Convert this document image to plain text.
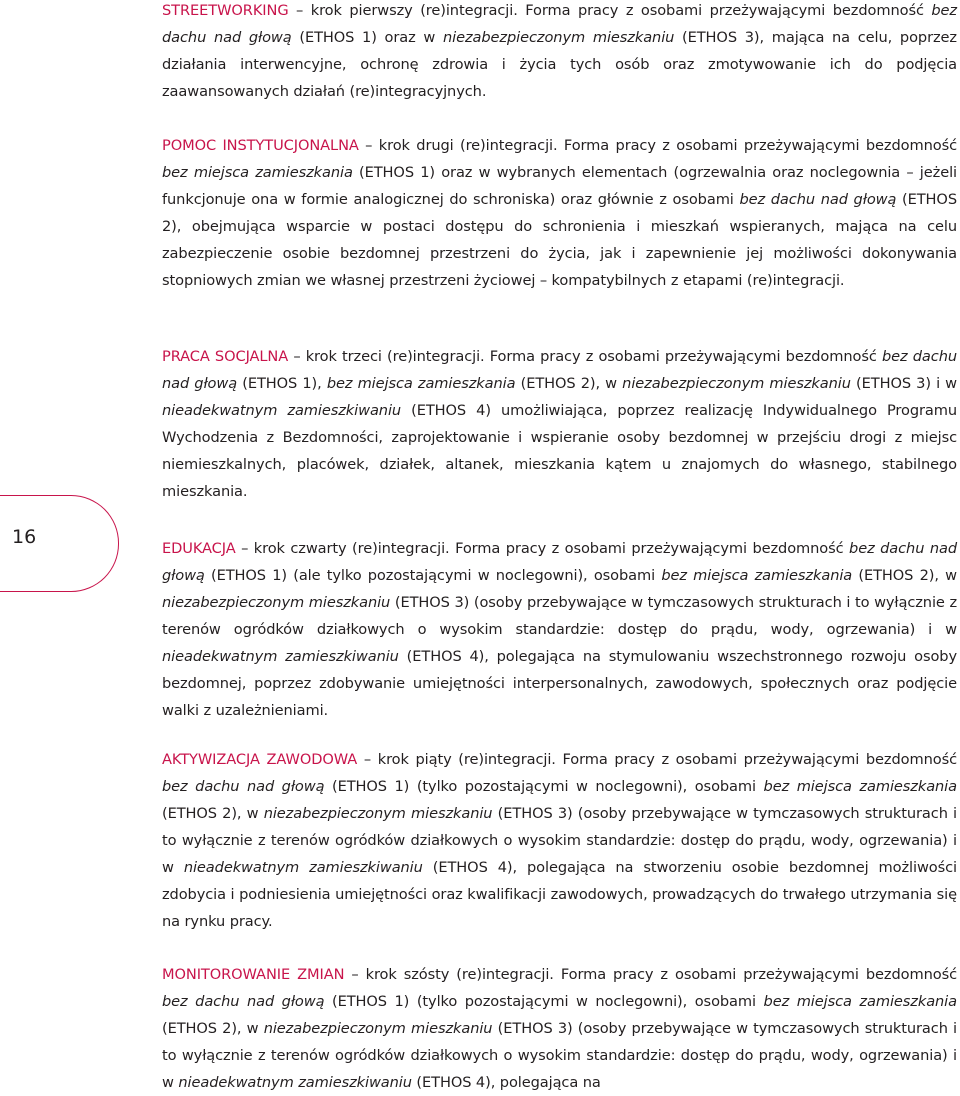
STREETWORKING – krok pierwszy (re)integracji. Forma pracy z osobami przeżywającymi bezdomność bez dachu nad głową (ETHOS 1) oraz w niezabezpieczonym mieszkaniu (ETHOS 3), mająca na celu, poprzez działania interwencyjne, ochronę zdrowia i życia tych osób oraz zmotywowanie ich do podjęcia zaawansowanych działań (re)integracyjnych.
POMOC INSTYTUCJONALNA – krok drugi (re)integracji. Forma pracy z osobami przeżywającymi bezdomność bez miejsca zamieszkania (ETHOS 1) oraz w wybranych elementach (ogrzewalnia oraz noclegownia – jeżeli funkcjonuje ona w formie analogicznej do schroniska) oraz głównie z osobami bez dachu nad głową (ETHOS 2), obejmująca wsparcie w postaci dostępu do schronienia i mieszkań wspieranych, mająca na celu zabezpieczenie osobie bezdomnej przestrzeni do życia, jak i zapewnienie jej możliwości dokonywania stopniowych zmian we własnej przestrzeni życiowej – kompatybilnych z etapami (re)integracji.
PRACA SOCJALNA – krok trzeci (re)integracji. Forma pracy z osobami przeżywającymi bezdomność bez dachu nad głową (ETHOS 1), bez miejsca zamieszkania (ETHOS 2), w niezabezpieczonym mieszkaniu (ETHOS 3) i w nieadekwatnym zamieszkiwaniu (ETHOS 4) umożliwiająca, poprzez realizację Indywidualnego Programu Wychodzenia z Bezdomności, zaprojektowanie i wspieranie osoby bezdomnej w przejściu drogi z miejsc niemieszkalnych, placówek, działek, altanek, mieszkania kątem u znajomych do własnego, stabilnego mieszkania.
EDUKACJA – krok czwarty (re)integracji. Forma pracy z osobami przeżywającymi bezdomność bez dachu nad głową (ETHOS 1) (ale tylko pozostającymi w noclegowni), osobami bez miejsca zamieszkania (ETHOS 2), w niezabezpieczonym mieszkaniu (ETHOS 3) (osoby przebywające w tymczasowych strukturach i to wyłącznie z terenów ogródków działkowych o wysokim standardzie: dostęp do prądu, wody, ogrzewania) i w nieadekwatnym zamieszkiwaniu (ETHOS 4), polegająca na stymulowaniu wszechstronnego rozwoju osoby bezdomnej, poprzez zdobywanie umiejętności interpersonalnych, zawodowych, społecznych oraz podjęcie walki z uzależnieniami.
AKTYWIZACJA ZAWODOWA – krok piąty (re)integracji. Forma pracy z osobami przeżywającymi bezdomność bez dachu nad głową (ETHOS 1) (tylko pozostającymi w noclegowni), osobami bez miejsca zamieszkania (ETHOS 2), w niezabezpieczonym mieszkaniu (ETHOS 3) (osoby przebywające w tymczasowych strukturach i to wyłącznie z terenów ogródków działkowych o wysokim standardzie: dostęp do prądu, wody, ogrzewania) i w nieadekwatnym zamieszkiwaniu (ETHOS 4), polegająca na stworzeniu osobie bezdomnej możliwości zdobycia i podniesienia umiejętności oraz kwalifikacji zawodowych, prowadzących do trwałego utrzymania się na rynku pracy.
MONITOROWANIE ZMIAN – krok szósty (re)integracji. Forma pracy z osobami przeżywającymi bezdomność bez dachu nad głową (ETHOS 1) (tylko pozostającymi w noclegowni), osobami bez miejsca zamieszkania (ETHOS 2), w niezabezpieczonym mieszkaniu (ETHOS 3) (osoby przebywające w tymczasowych strukturach i to wyłącznie z terenów ogródków działkowych o wysokim standardzie: dostęp do prądu, wody, ogrzewania) i w nieadekwatnym zamieszkiwaniu (ETHOS 4), polegająca na
16
